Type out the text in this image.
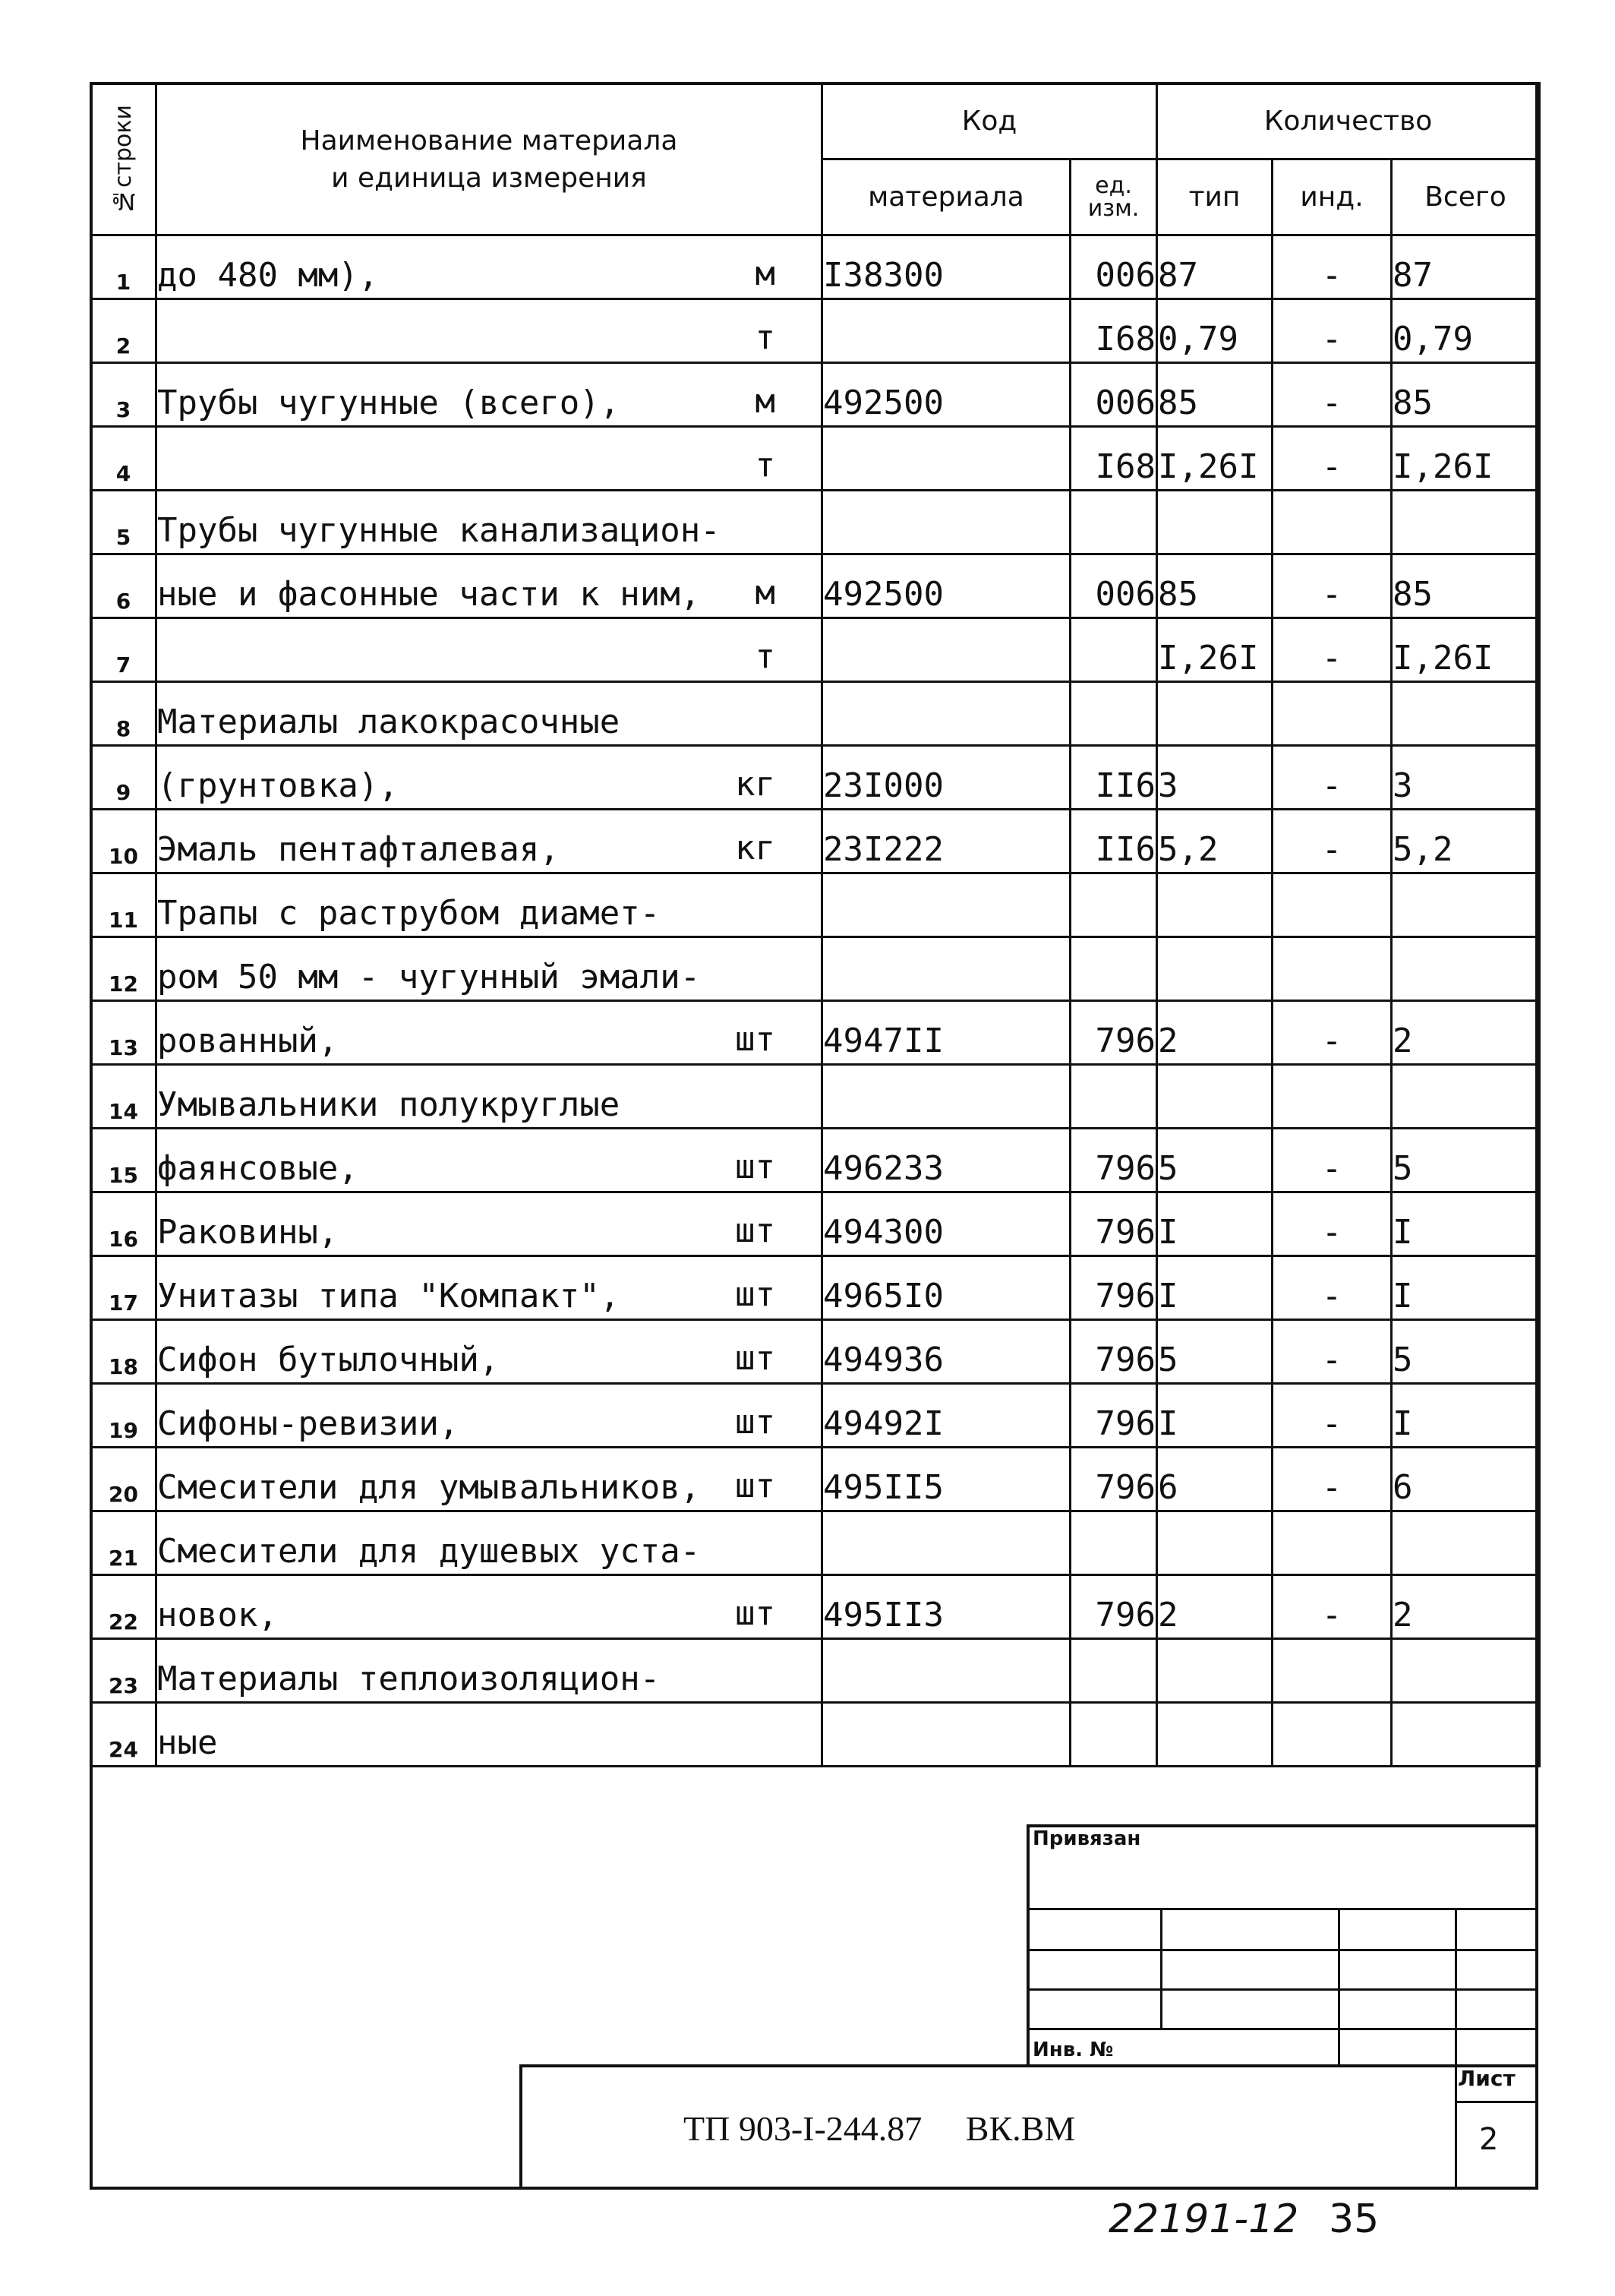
№строки	Наименование материала
и единица измерения	Код		Количество		
		материала	ед. изм.	тип	инд.	Всего
1	до 480 мм), м	I38300	006	87	-	87
2	т		I68	0,79	-	0,79
3	Трубы чугунные (всего), м	492500	006	85	-	85
4	т		I68	I,26I	-	I,26I
5	Трубы чугунные канализацион-

6	ные и фасонные части к ним, м	492500	006	85	-	85
7	т			I,26I	-	I,26I
8	Материалы лакокрасочные

9	(грунтовка), кг	23I000	II6	3	-	3
10	Эмаль пентафталевая, кг	23I222	II6	5,2	-	5,2
11	Трапы с раструбом диамет-

12	ром 50 мм - чугунный эмали-

13	рованный, шт	4947II	796	2	-	2
14	Умывальники полукруглые

15	фаянсовые, шт	496233	796	5	-	5
16	Раковины, шт	494300	796	I	-	I
17	Унитазы типа "Компакт", шт	4965I0	796	I	-	I
18	Сифон бутылочный, шт	494936	796	5	-	5
19	Сифоны-ревизии, шт	49492I	796	I	-	I
20	Смесители для умывальников, шт	495II5	796	6	-	6
21	Смесители для душевых уста-

22	новок, шт	495II3	796	2	-	2
23	Материалы теплоизоляцион-

24	ные

Привязан
Инв. №
ТП 903-I-244.87     ВК.ВМ
Лист
2
22191-12 35
